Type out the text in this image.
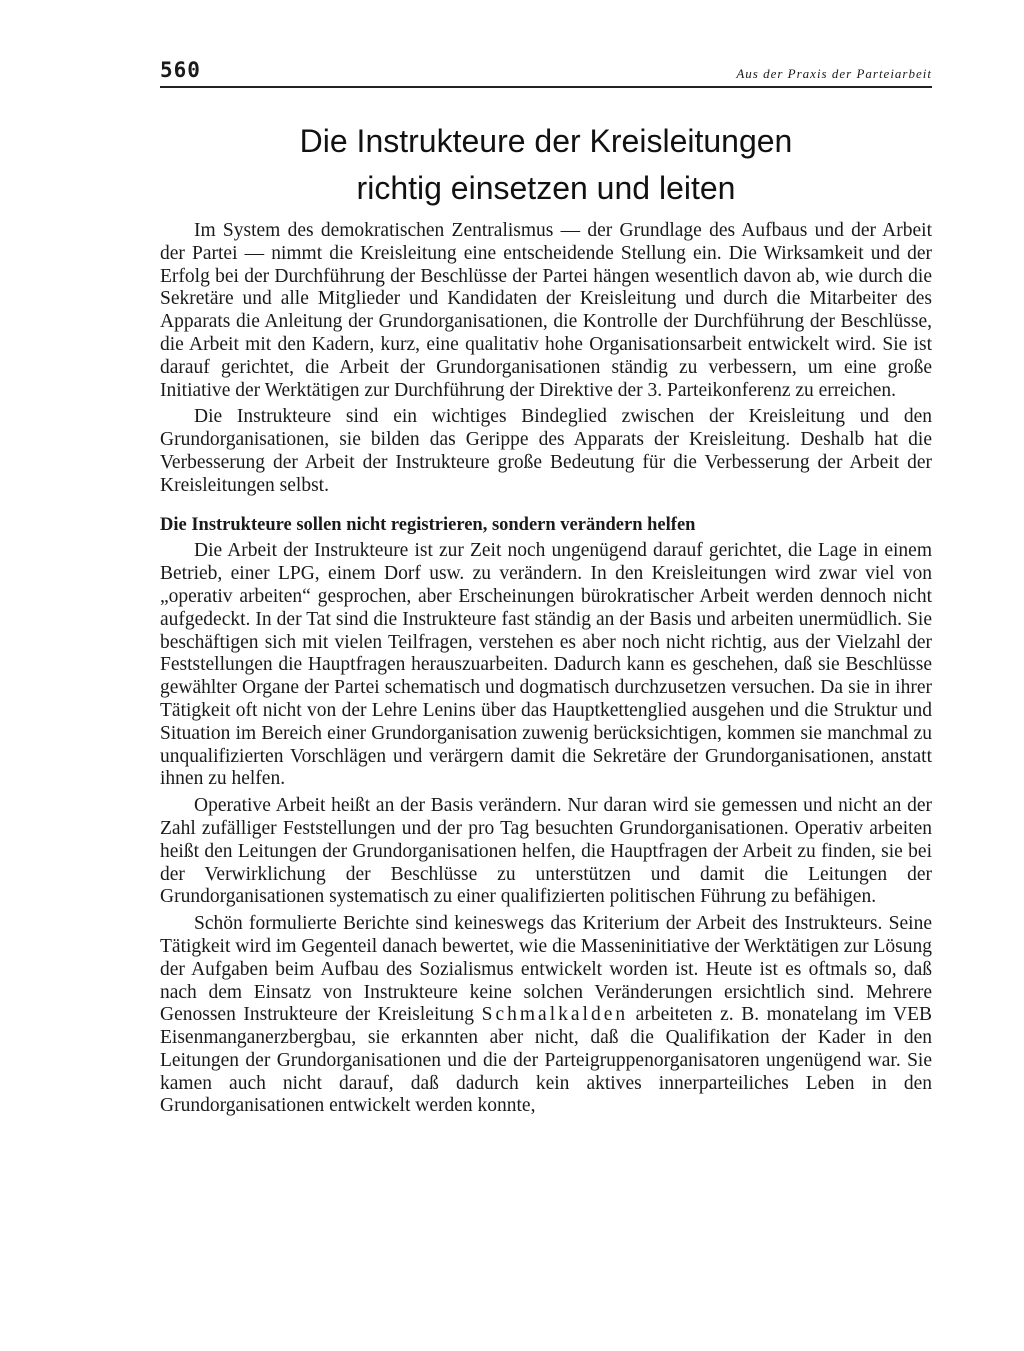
560	Aus der Praxis der Parteiarbeit
Die Instrukteure der Kreisleitungen
richtig einsetzen und leiten

Im System des demokratischen Zentralismus — der Grundlage des Aufbaus und der Arbeit der Partei — nimmt die Kreisleitung eine entscheidende Stellung ein. Die Wirksamkeit und der Erfolg bei der Durchführung der Beschlüsse der Partei hängen wesentlich davon ab, wie durch die Sekretäre und alle Mitglieder und Kandidaten der Kreisleitung und durch die Mitarbeiter des Apparats die Anleitung der Grundorganisationen, die Kontrolle der Durchführung der Beschlüsse, die Arbeit mit den Kadern, kurz, eine qualitativ hohe Organisationsarbeit entwickelt wird. Sie ist darauf gerichtet, die Arbeit der Grundorganisationen ständig zu verbessern, um eine große Initiative der Werktätigen zur Durchführung der Direktive der 3. Parteikonferenz zu erreichen.

Die Instrukteure sind ein wichtiges Bindeglied zwischen der Kreisleitung und den Grundorganisationen, sie bilden das Gerippe des Apparats der Kreisleitung. Deshalb hat die Verbesserung der Arbeit der Instrukteure große Bedeutung für die Verbesserung der Arbeit der Kreisleitungen selbst.

Die Instrukteure sollen nicht registrieren, sondern verändern helfen

Die Arbeit der Instrukteure ist zur Zeit noch ungenügend darauf gerichtet, die Lage in einem Betrieb, einer LPG, einem Dorf usw. zu verändern. In den Kreisleitungen wird zwar viel von „operativ arbeiten“ gesprochen, aber Erscheinungen bürokratischer Arbeit werden dennoch nicht aufgedeckt. In der Tat sind die Instrukteure fast ständig an der Basis und arbeiten unermüdlich. Sie beschäftigen sich mit vielen Teilfragen, verstehen es aber noch nicht richtig, aus der Vielzahl der Feststellungen die Hauptfragen herauszuarbeiten. Dadurch kann es geschehen, daß sie Beschlüsse gewählter Organe der Partei schematisch und dogmatisch durchzusetzen versuchen. Da sie in ihrer Tätigkeit oft nicht von der Lehre Lenins über das Hauptkettenglied ausgehen und die Struktur und Situation im Bereich einer Grundorganisation zuwenig berücksichtigen, kommen sie manchmal zu unqualifizierten Vorschlägen und verärgern damit die Sekretäre der Grundorganisationen, anstatt ihnen zu helfen.

Operative Arbeit heißt an der Basis verändern. Nur daran wird sie gemessen und nicht an der Zahl zufälliger Feststellungen und der pro Tag besuchten Grundorganisationen. Operativ arbeiten heißt den Leitungen der Grundorganisationen helfen, die Hauptfragen der Arbeit zu finden, sie bei der Verwirklichung der Beschlüsse zu unterstützen und damit die Leitungen der Grundorganisationen systematisch zu einer qualifizierten politischen Führung zu befähigen.

Schön formulierte Berichte sind keineswegs das Kriterium der Arbeit des Instrukteurs. Seine Tätigkeit wird im Gegenteil danach bewertet, wie die Masseninitiative der Werktätigen zur Lösung der Aufgaben beim Aufbau des Sozialismus entwickelt worden ist. Heute ist es oftmals so, daß nach dem Einsatz von Instrukteure keine solchen Veränderungen ersichtlich sind. Mehrere Genossen Instrukteure der Kreisleitung Schmalkalden arbeiteten z. B. monatelang im VEB Eisenmanganerzbergbau, sie erkannten aber nicht, daß die Qualifikation der Kader in den Leitungen der Grundorganisationen und die der Parteigruppenorganisatoren ungenügend war. Sie kamen auch nicht darauf, daß dadurch kein aktives innerparteiliches Leben in den Grundorganisationen entwickelt werden konnte,
